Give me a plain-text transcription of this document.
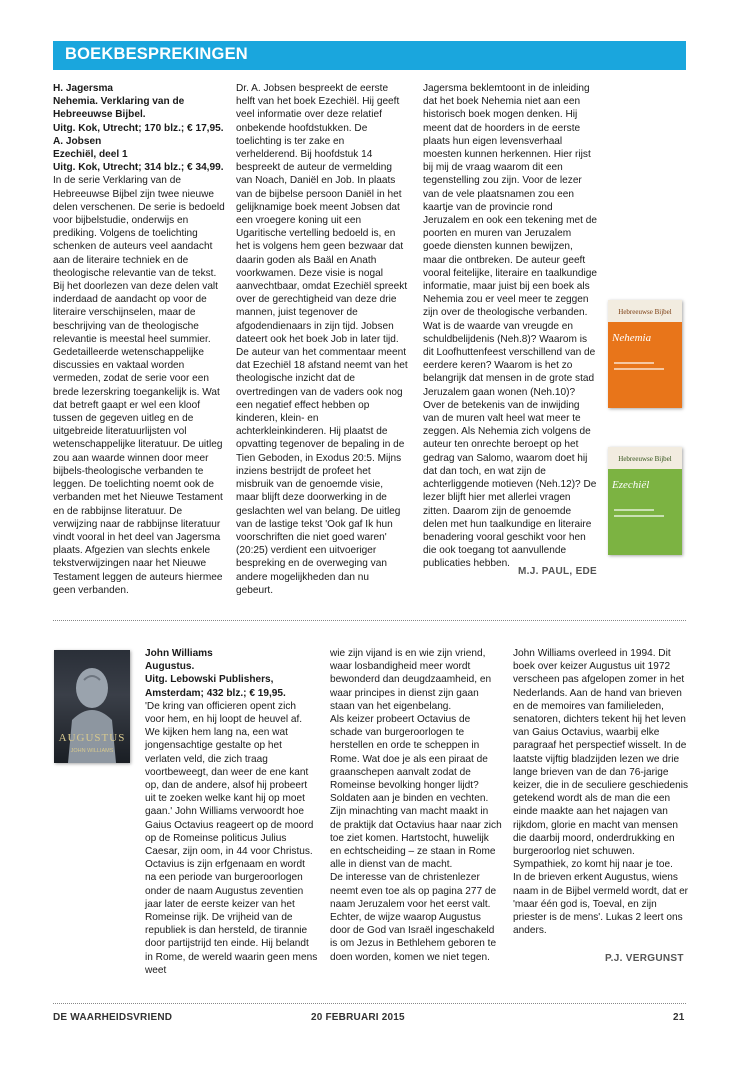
BOEKBESPREKINGEN

H. Jagersma

Nehemia. Verklaring van de Hebreeuwse Bijbel.

Uitg. Kok, Utrecht; 170 blz.; € 17,95.

A. Jobsen

Ezechiël, deel 1

Uitg. Kok, Utrecht; 314 blz.; € 34,99.

In de serie Verklaring van de Hebreeuwse Bijbel zijn twee nieuwe delen verschenen. De serie is bedoeld voor bijbelstudie, onderwijs en prediking. Volgens de toelichting schenken de auteurs veel aandacht aan de literaire techniek en de theologische relevantie van de tekst. Bij het doorlezen van deze delen valt inderdaad de aandacht op voor de literaire verschijnselen, maar de beschrijving van de theologische relevantie is meestal heel summier. Gedetailleerde wetenschappelijke discussies en vaktaal worden vermeden, zodat de serie voor een brede lezerskring toegankelijk is. Wat dat betreft gaapt er wel een kloof tussen de gegeven uitleg en de uitgebreide literatuurlijsten vol wetenschappelijke literatuur. De uitleg zou aan waarde winnen door meer bijbels-theologische verbanden te leggen. De toelichting noemt ook de verbanden met het Nieuwe Testament en de rabbijnse literatuur. De verwijzing naar de rabbijnse literatuur vindt vooral in het deel van Jagersma plaats. Afgezien van slechts enkele tekstverwijzingen naar het Nieuwe Testament leggen de auteurs hiermee geen verbanden.

Dr. A. Jobsen bespreekt de eerste helft van het boek Ezechiël. Hij geeft veel informatie over deze relatief onbekende hoofdstukken. De toelichting is ter zake en verhelderend. Bij hoofdstuk 14 bespreekt de auteur de vermelding van Noach, Daniël en Job. In plaats van de bijbelse persoon Daniël in het gelijknamige boek meent Jobsen dat een vroegere koning uit een Ugaritische vertelling bedoeld is, en het is volgens hem geen bezwaar dat daarin goden als Baäl en Anath voorkwamen. Deze visie is nogal aanvechtbaar, omdat Ezechiël spreekt over de gerechtigheid van deze drie mannen, juist tegenover de afgodendienaars in zijn tijd. Jobsen dateert ook het boek Job in later tijd.

De auteur van het commentaar meent dat Ezechiël 18 afstand neemt van het theologische inzicht dat de overtredingen van de vaders ook nog een negatief effect hebben op kinderen, klein- en achterkleinkinderen. Hij plaatst de opvatting tegenover de bepaling in de Tien Geboden, in Exodus 20:5. Mijns inziens bestrijdt de profeet het misbruik van de genoemde visie, maar blijft deze doorwerking in de geslachten wel van belang. De uitleg van de lastige tekst 'Ook gaf Ik hun voorschriften die niet goed waren' (20:25) verdient een uitvoeriger bespreking en de overweging van andere mogelijkheden dan nu gebeurt.

Jagersma beklemtoont in de inleiding dat het boek Nehemia niet aan een historisch boek mogen denken. Hij meent dat de hoorders in de eerste plaats hun eigen levensverhaal moesten kunnen herkennen. Hier rijst bij mij de vraag waarom dit een tegenstelling zou zijn. Voor de lezer van de vele plaatsnamen zou een kaartje van de provincie rond Jeruzalem en ook een tekening met de poorten en muren van Jeruzalem goede diensten kunnen bewijzen, maar die ontbreken. De auteur geeft vooral feitelijke, literaire en taalkundige informatie, maar juist bij een boek als Nehemia zou er veel meer te zeggen zijn over de theologische verbanden. Wat is de waarde van vreugde en schuldbelijdenis (Neh.8)? Waarom is dit Loofhuttenfeest verschillend van de eerdere keren? Waarom is het zo belangrijk dat mensen in de grote stad Jeruzalem gaan wonen (Neh.10)? Over de betekenis van de inwijding van de muren valt heel wat meer te zeggen. Als Nehemia zich volgens de auteur ten onrechte beroept op het gedrag van Salomo, waarom doet hij dat dan toch, en wat zijn de achterliggende motieven (Neh.12)? De lezer blijft hier met allerlei vragen zitten. Daarom zijn de genoemde delen met hun taalkundige en literaire benadering vooral geschikt voor hen die ook toegang tot aanvullende publicaties hebben.

M.J. PAUL, EDE
Hebreeuwse Bijbel
Nehemia
Hebreeuwse Bijbel
Ezechiël
AUGUSTUS
JOHN WILLIAMS

John Williams

Augustus.

Uitg. Lebowski Publishers, Amsterdam; 432 blz.; € 19,95.

'De kring van officieren opent zich voor hem, en hij loopt de heuvel af. We kijken hem lang na, een wat jongensachtige gestalte op het verlaten veld, die zich traag voortbeweegt, dan weer de ene kant op, dan de andere, alsof hij probeert uit te zoeken welke kant hij op moet gaan.' John Williams verwoordt hoe Gaius Octavius reageert op de moord op de Romeinse politicus Julius Caesar, zijn oom, in 44 voor Christus. Octavius is zijn erfgenaam en wordt na een periode van burgeroorlogen onder de naam Augustus zeventien jaar later de eerste keizer van het Romeinse rijk. De vrijheid van de republiek is dan hersteld, de tirannie door partijstrijd ten einde. Hij belandt in Rome, de wereld waarin geen mens weet

wie zijn vijand is en wie zijn vriend, waar losbandigheid meer wordt bewonderd dan deugdzaamheid, en waar principes in dienst zijn gaan staan van het eigenbelang.

Als keizer probeert Octavius de schade van burgeroorlogen te herstellen en orde te scheppen in Rome. Wat doe je als een piraat de graanschepen aanvalt zodat de Romeinse bevolking honger lijdt? Soldaten aan je binden en vechten. Zijn minachting van macht maakt in de praktijk dat Octavius haar naar zich toe ziet komen. Hartstocht, huwelijk en echtscheiding – ze staan in Rome alle in dienst van de macht.

De interesse van de christenlezer neemt even toe als op pagina 277 de naam Jeruzalem voor het eerst valt. Echter, de wijze waarop Augustus door de God van Israël ingeschakeld is om Jezus in Bethlehem geboren te doen worden, komen we niet tegen.

John Williams overleed in 1994. Dit boek over keizer Augustus uit 1972 verscheen pas afgelopen zomer in het Nederlands. Aan de hand van brieven en de memoires van familieleden, senatoren, dichters tekent hij het leven van Gaius Octavius, waarbij elke paragraaf het perspectief wisselt. In de laatste vijftig bladzijden lezen we drie lange brieven van de dan 76-jarige keizer, die in de seculiere geschiedenis getekend wordt als de man die een einde maakte aan het najagen van rijkdom, glorie en macht van mensen die daarbij moord, onderdrukking en burgeroorlog niet schuwen. Sympathiek, zo komt hij naar je toe.

In de brieven erkent Augustus, wiens naam in de Bijbel vermeld wordt, dat er 'maar één god is, Toeval, en zijn priester is de mens'. Lukas 2 leert ons anders.

P.J. VERGUNST
DE WAARHEIDSVRIEND	20 FEBRUARI 2015	21
